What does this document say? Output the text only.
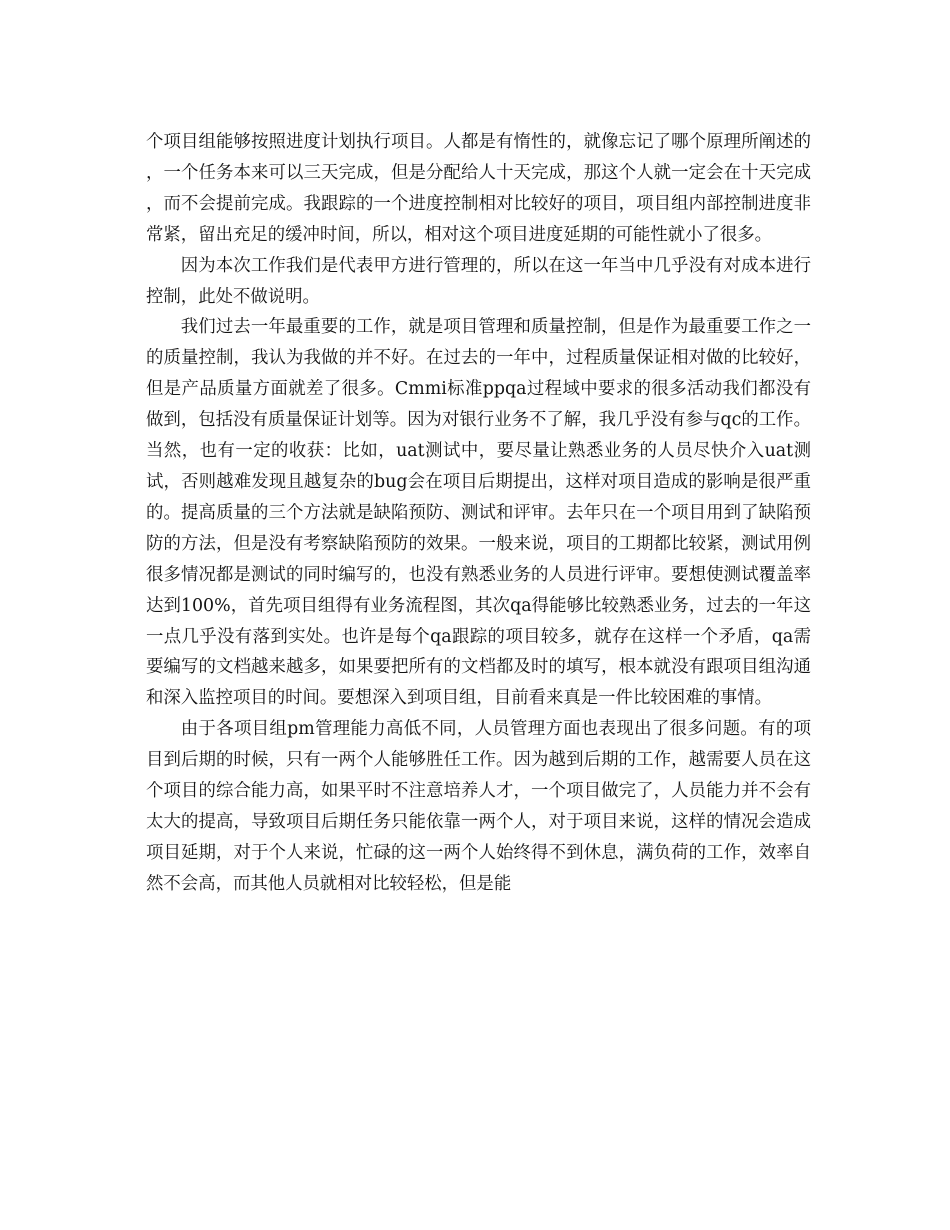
个项目组能够按照进度计划执行项目。人都是有惰性的，就像忘记了哪个原理所阐述的，一个任务本来可以三天完成，但是分配给人十天完成，那这个人就一定会在十天完成，而不会提前完成。我跟踪的一个进度控制相对比较好的项目，项目组内部控制进度非常紧，留出充足的缓冲时间，所以，相对这个项目进度延期的可能性就小了很多。

因为本次工作我们是代表甲方进行管理的，所以在这一年当中几乎没有对成本进行控制，此处不做说明。

我们过去一年最重要的工作，就是项目管理和质量控制，但是作为最重要工作之一的质量控制，我认为我做的并不好。在过去的一年中，过程质量保证相对做的比较好，但是产品质量方面就差了很多。Cmmi标准ppqa过程域中要求的很多活动我们都没有做到，包括没有质量保证计划等。因为对银行业务不了解，我几乎没有参与qc的工作。当然，也有一定的收获：比如，uat测试中，要尽量让熟悉业务的人员尽快介入uat测试，否则越难发现且越复杂的bug会在项目后期提出，这样对项目造成的影响是很严重的。提高质量的三个方法就是缺陷预防、测试和评审。去年只在一个项目用到了缺陷预防的方法，但是没有考察缺陷预防的效果。一般来说，项目的工期都比较紧，测试用例很多情况都是测试的同时编写的，也没有熟悉业务的人员进行评审。要想使测试覆盖率达到100%，首先项目组得有业务流程图，其次qa得能够比较熟悉业务，过去的一年这一点几乎没有落到实处。也许是每个qa跟踪的项目较多，就存在这样一个矛盾，qa需要编写的文档越来越多，如果要把所有的文档都及时的填写，根本就没有跟项目组沟通和深入监控项目的时间。要想深入到项目组，目前看来真是一件比较困难的事情。

由于各项目组pm管理能力高低不同，人员管理方面也表现出了很多问题。有的项目到后期的时候，只有一两个人能够胜任工作。因为越到后期的工作，越需要人员在这个项目的综合能力高，如果平时不注意培养人才，一个项目做完了，人员能力并不会有太大的提高，导致项目后期任务只能依靠一两个人，对于项目来说，这样的情况会造成项目延期，对于个人来说，忙碌的这一两个人始终得不到休息，满负荷的工作，效率自然不会高，而其他人员就相对比较轻松，但是能
